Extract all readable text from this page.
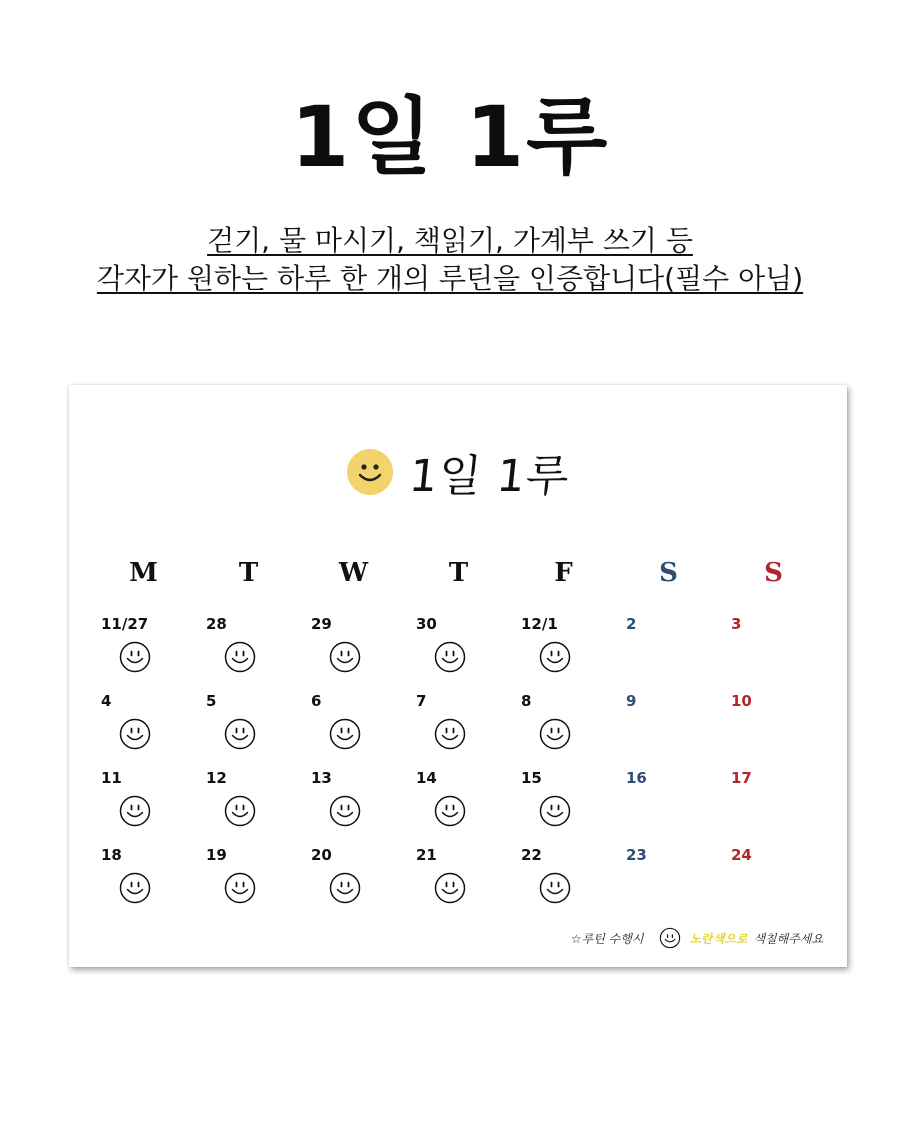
1일 1루
걷기, 물 마시기, 책읽기, 가계부 쓰기 등
각자가 원하는 하루 한 개의 루틴을 인증합니다(필수 아님)
1일 1루
M	T	W	T	F	S	S
11/27	28	29	30	12/1	2	3
4	5	6	7	8	9	10
11	12	13	14	15	16	17
18	19	20	21	22	23	24
☆루틴 수행시	노란색으로 색칠해주세요
